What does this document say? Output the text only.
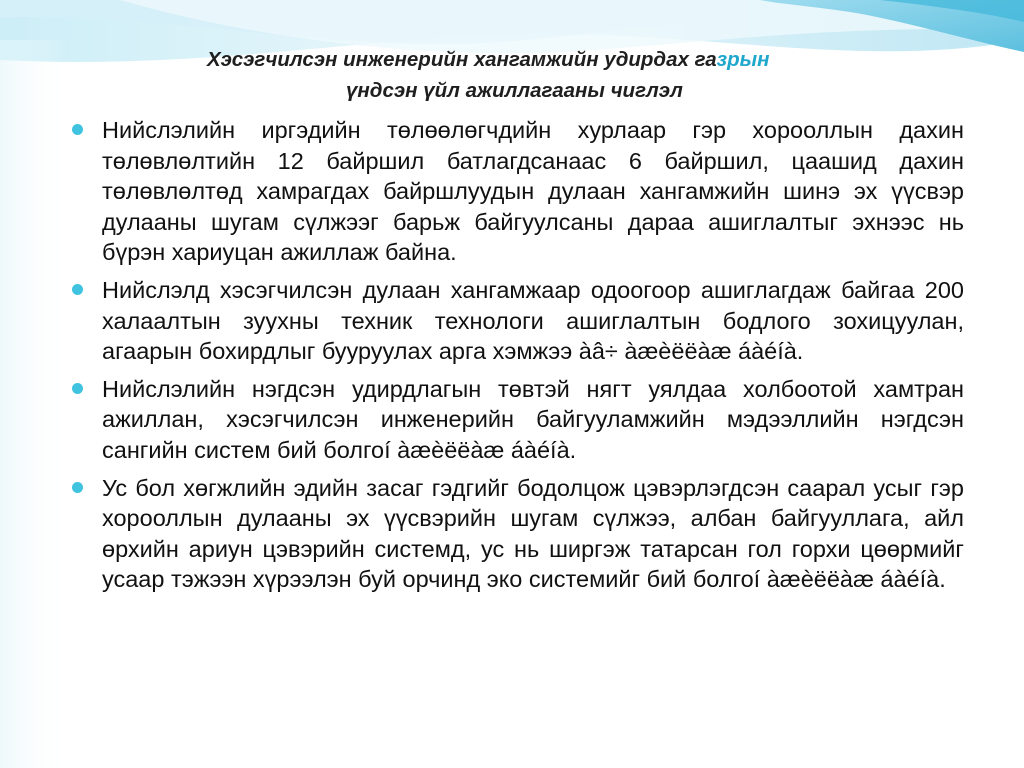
Хэсэгчилсэн инженерийн хангамжийн удирдах газрын

үндсэн үйл ажиллагааны чиглэл

Нийслэлийн иргэдийн төлөөлөгчдийн хурлаар гэр хорооллын дахин төлөвлөлтийн 12 байршил батлагдсанаас 6 байршил, цаашид дахин төлөвлөлтөд хамрагдах байршлуудын дулаан хангамжийн шинэ эх үүсвэр дулааны шугам сүлжээг барьж байгуулсаны дараа ашиглалтыг эхнээс нь бүрэн хариуцан ажиллаж байна.
Нийслэлд хэсэгчилсэн дулаан хангамжаар одоогоор ашиглагдаж байгаа 200 халаалтын зуухны техник технологи ашиглалтын бодлого зохицуулан, агаарын бохирдлыг бууруулах арга хэмжээ àâ÷ àæèëëàæ áàéíà.
Нийслэлийн нэгдсэн удирдлагын төвтэй нягт уялдаа холбоотой хамтран ажиллан, хэсэгчилсэн инженерийн байгууламжийн мэдээллийн нэгдсэн сангийн систем бий болгоí àæèëëàæ áàéíà.
Ус бол хөгжлийн эдийн засаг гэдгийг бодолцож цэвэрлэгдсэн саарал усыг гэр хорооллын дулааны эх үүсвэрийн шугам сүлжээ, албан байгууллага, айл өрхийн ариун цэвэрийн системд, ус нь ширгэж татарсан гол горхи цөөрмийг усаар тэжээн хүрээлэн буй орчинд эко системийг бий болгоí àæèëëàæ áàéíà.
